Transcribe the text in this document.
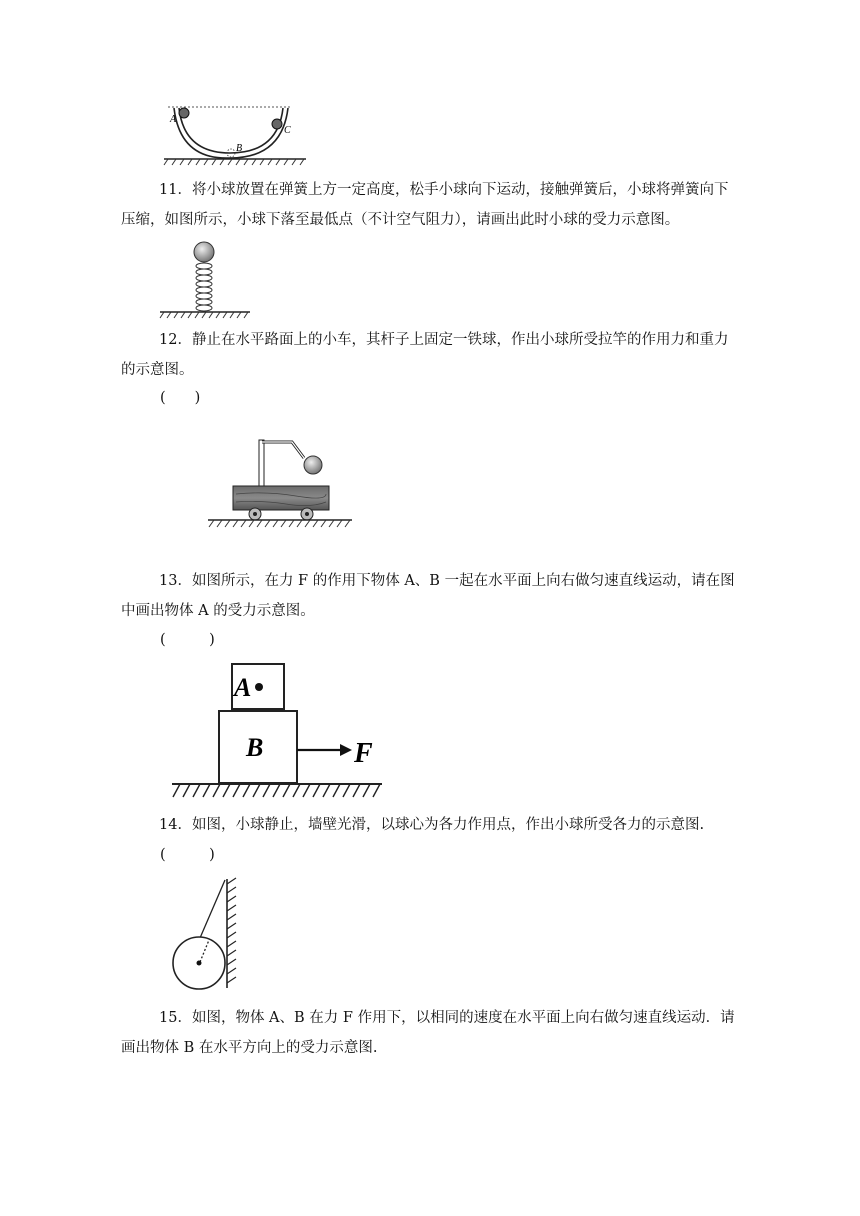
A
B
C

11．将小球放置在弹簧上方一定高度，松手小球向下运动，接触弹簧后，小球将弹簧向下压缩，如图所示，小球下落至最低点（不计空气阻力），请画出此时小球的受力示意图。

12．静止在水平路面上的小车，其杆子上固定一铁球，作出小球所受拉竿的作用力和重力的示意图。

(　　)

13．如图所示，在力 F 的作用下物体 A、B 一起在水平面上向右做匀速直线运动，请在图中画出物体 A 的受力示意图。

(　　　)
A
B	F

14．如图，小球静止，墙壁光滑，以球心为各力作用点，作出小球所受各力的示意图.

(　　　)

15．如图，物体 A、B 在力 F 作用下，以相同的速度在水平面上向右做匀速直线运动．请画出物体 B 在水平方向上的受力示意图.
